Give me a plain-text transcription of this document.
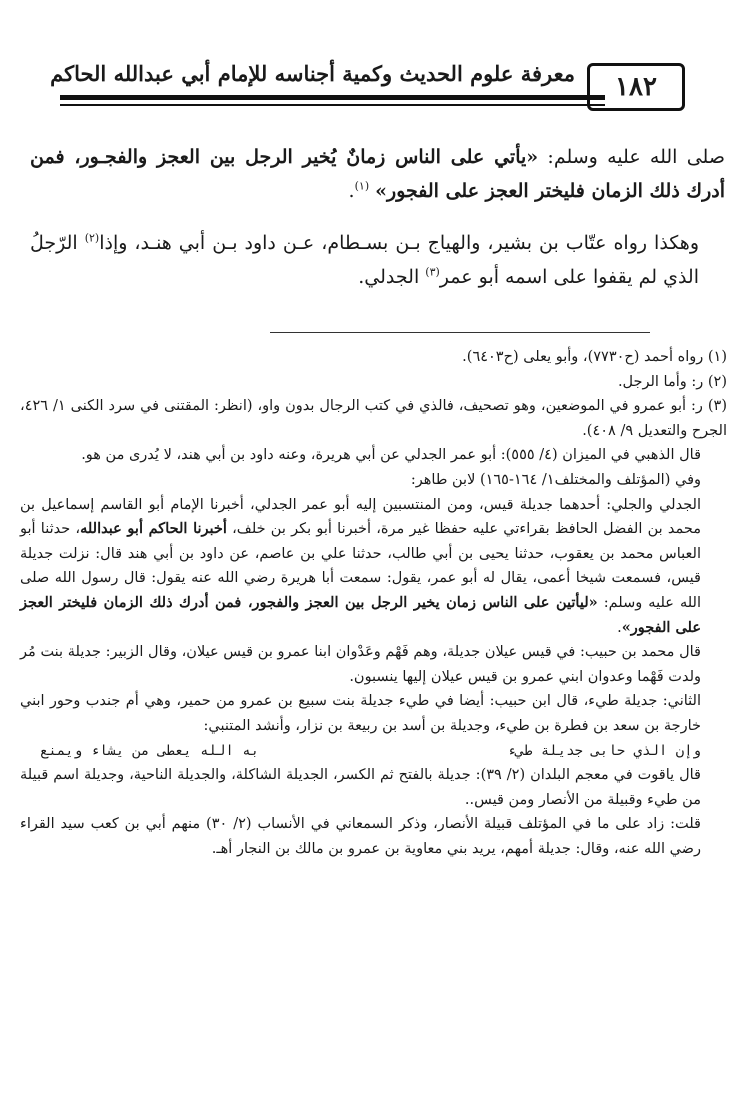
١٨٢
معرفة علوم الحديث وكمية أجناسه للإمام أبي عبدالله الحاكم

صلى الله عليه وسلم: «يأتي على الناس زمانٌ يُخير الرجل بين العجز والفجـور، فمن أدرك ذلك الزمان فليختر العجز على الفجور» $^{(١)}$.

وهكذا رواه عتّاب بن بشير، والهياج بـن بسـطام، عـن داود بـن أبي هنـد، وإذا$^{(٢)}$ الرّجلُ الذي لم يقفوا على اسمه أبو عمر$^{(٣)}$ الجدلي.

(١) رواه أحمد (ح٧٧٣٠)، وأبو يعلى (ح٦٤٠٣).

(٢) ر: وأما الرجل.

(٣) ر: أبو عمرو في الموضعين، وهو تصحيف، فالذي في كتب الرجال بدون واو، (انظر: المقتنى في سرد الكنى ١/ ٤٢٦، الجرح والتعديل ٩/ ٤٠٨).

قال الذهبي في الميزان (٤/ ٥٥٥): أبو عمر الجدلي عن أبي هريرة، وعنه داود بن أبي هند، لا يُدرى من هو.

وفي (المؤتلف والمختلف١/ ١٦٤-١٦٥) لابن طاهر:

الجدلي والجلي: أحدهما جديلة قيس، ومن المنتسبين إليه أبو عمر الجدلي، أخبرنا الإمام أبو القاسم إسماعيل بن محمد بن الفضل الحافظ بقراءتي عليه حفظا غير مرة، أخبرنا أبو بكر بن خلف، أخبرنا الحاكم أبو عبدالله، حدثنا أبو العباس محمد بن يعقوب، حدثنا يحيى بن أبي طالب، حدثنا علي بن عاصم، عن داود بن أبي هند قال: نزلت جديلة قيس، فسمعت شيخا أعمى، يقال له أبو عمر، يقول: سمعت أبا هريرة رضي الله عنه يقول: قال رسول الله صلى الله عليه وسلم: «ليأتين على الناس زمان يخير الرجل بين العجز والفجور، فمن أدرك ذلك الزمان فليختر العجز على الفجور».

قال محمد بن حبيب: في قيس عيلان جديلة، وهم فَهْم وعَدْوان ابنا عمرو بن قيس عيلان، وقال الزبير: جديلة بنت مُر ولدت فَهْما وعدوان ابني عمرو بن قيس عيلان إليها ينسبون.

الثاني: جديلة طيء، قال ابن حبيب: أيضا في طيء جديلة بنت سبيع بن عمرو من حمير، وهي أم جندب وحور ابني خارجة بن سعد بن فطرة بن طيء، وجديلة بن أسد بن ربيعة بن نزار، وأنشد المتنبي:

وإن الذي حابى جديلة طيء
به الله يعطى من يشاء ويمنع

قال ياقوت في معجم البلدان (٢/ ٣٩): جديلة بالفتح ثم الكسر، الجديلة الشاكلة، والجديلة الناحية، وجديلة اسم قبيلة من طيء وقبيلة من الأنصار ومن قيس..

قلت: زاد على ما في المؤتلف قبيلة الأنصار، وذكر السمعاني في الأنساب (٢/ ٣٠) منهم أبي بن كعب سيد القراء رضي الله عنه، وقال: جديلة أمهم، يريد بني معاوية بن عمرو بن مالك بن النجار أهـ.
